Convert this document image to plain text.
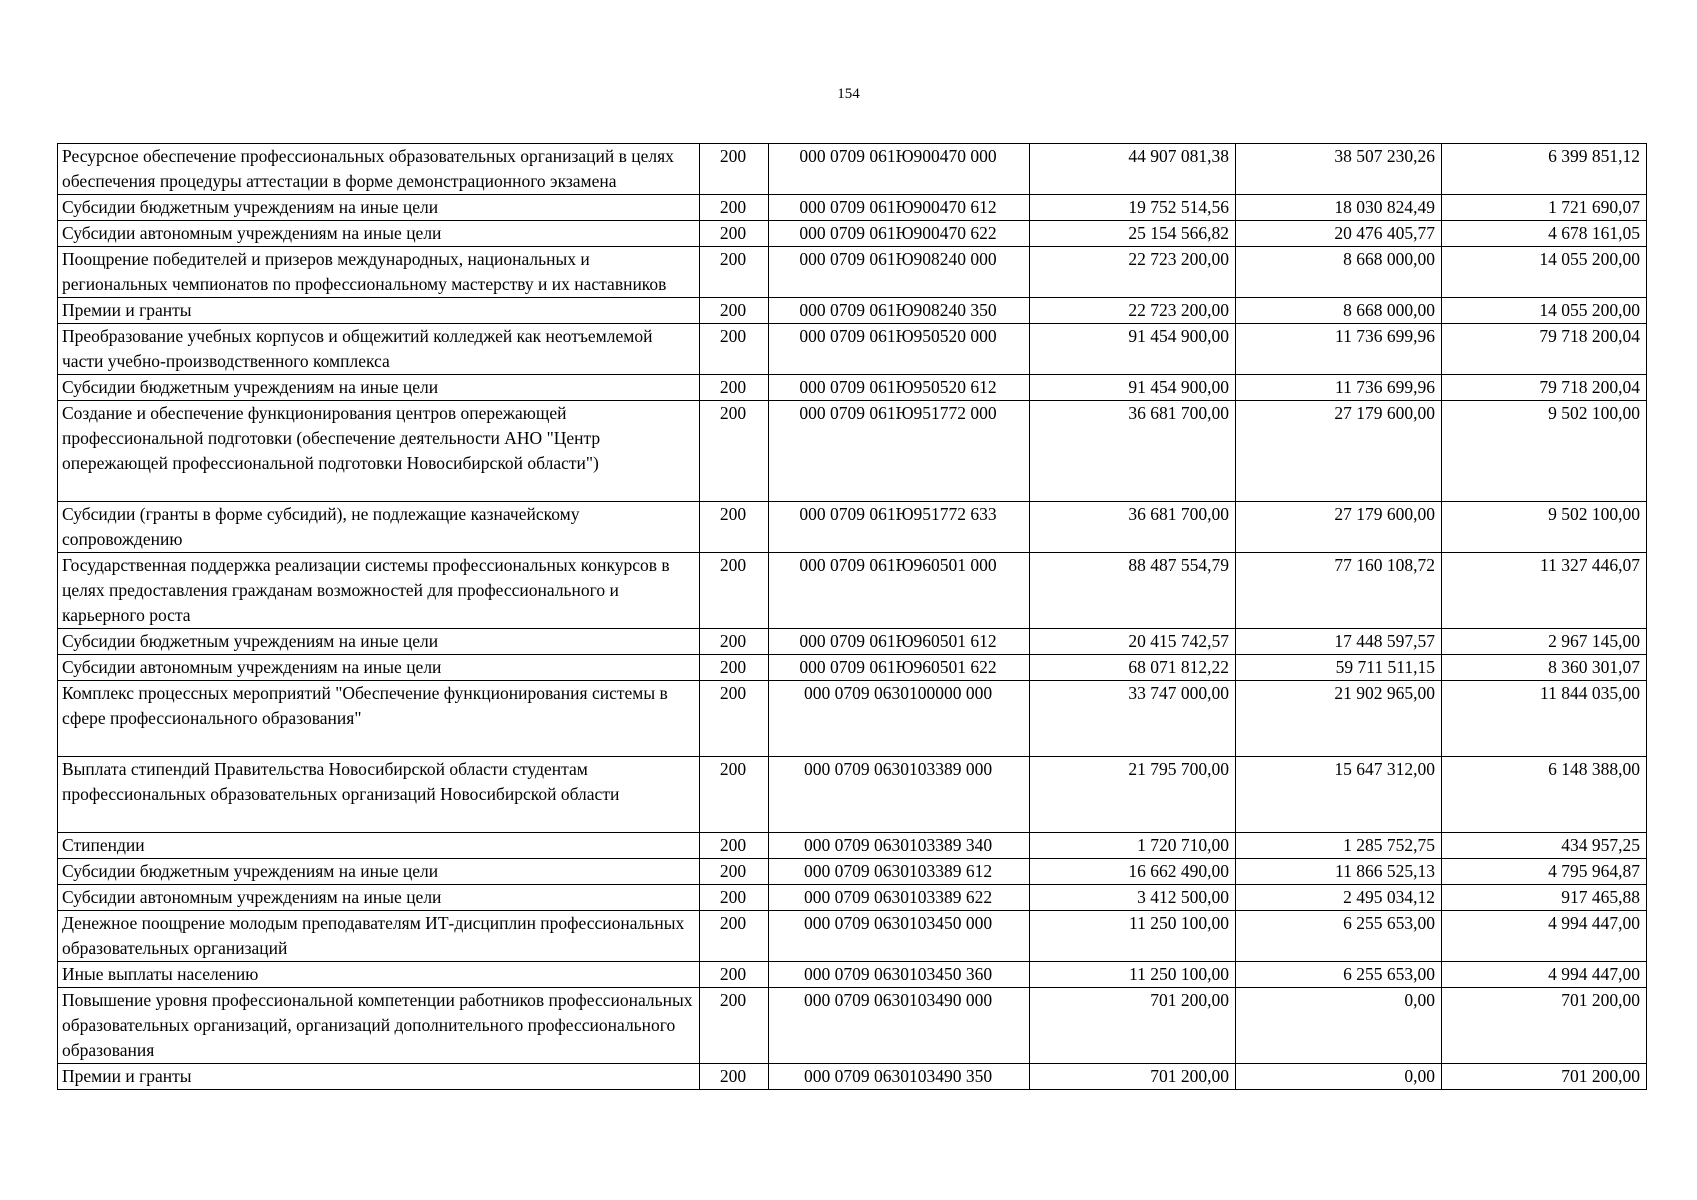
154
Ресурсное обеспечение профессиональных образовательных организаций в целях обеспечения процедуры аттестации в форме демонстрационного экзамена	200	000 0709 061Ю900470 000	44 907 081,38	38 507 230,26	6 399 851,12
Субсидии бюджетным учреждениям на иные цели	200	000 0709 061Ю900470 612	19 752 514,56	18 030 824,49	1 721 690,07
Субсидии автономным учреждениям на иные цели	200	000 0709 061Ю900470 622	25 154 566,82	20 476 405,77	4 678 161,05
Поощрение победителей и призеров международных, национальных и региональных чемпионатов по профессиональному мастерству и их наставников	200	000 0709 061Ю908240 000	22 723 200,00	8 668 000,00	14 055 200,00
Премии и гранты	200	000 0709 061Ю908240 350	22 723 200,00	8 668 000,00	14 055 200,00
Преобразование учебных корпусов и общежитий колледжей как неотъемлемой части учебно-производственного комплекса	200	000 0709 061Ю950520 000	91 454 900,00	11 736 699,96	79 718 200,04
Субсидии бюджетным учреждениям на иные цели	200	000 0709 061Ю950520 612	91 454 900,00	11 736 699,96	79 718 200,04
Создание и обеспечение функционирования центров опережающей профессиональной подготовки (обеспечение деятельности АНО "Центр опережающей профессиональной подготовки Новосибирской области")	200	000 0709 061Ю951772 000	36 681 700,00	27 179 600,00	9 502 100,00
Субсидии (гранты в форме субсидий), не подлежащие казначейскому сопровождению	200	000 0709 061Ю951772 633	36 681 700,00	27 179 600,00	9 502 100,00
Государственная поддержка реализации системы профессиональных конкурсов в целях предоставления гражданам возможностей для профессионального и карьерного роста	200	000 0709 061Ю960501 000	88 487 554,79	77 160 108,72	11 327 446,07
Субсидии бюджетным учреждениям на иные цели	200	000 0709 061Ю960501 612	20 415 742,57	17 448 597,57	2 967 145,00
Субсидии автономным учреждениям на иные цели	200	000 0709 061Ю960501 622	68 071 812,22	59 711 511,15	8 360 301,07
Комплекс процессных мероприятий "Обеспечение функционирования системы в сфере профессионального образования"	200	000 0709 0630100000 000	33 747 000,00	21 902 965,00	11 844 035,00
Выплата стипендий Правительства Новосибирской области студентам профессиональных образовательных организаций Новосибирской области	200	000 0709 0630103389 000	21 795 700,00	15 647 312,00	6 148 388,00
Стипендии	200	000 0709 0630103389 340	1 720 710,00	1 285 752,75	434 957,25
Субсидии бюджетным учреждениям на иные цели	200	000 0709 0630103389 612	16 662 490,00	11 866 525,13	4 795 964,87
Субсидии автономным учреждениям на иные цели	200	000 0709 0630103389 622	3 412 500,00	2 495 034,12	917 465,88
Денежное поощрение молодым преподавателям ИТ-дисциплин профессиональных образовательных организаций	200	000 0709 0630103450 000	11 250 100,00	6 255 653,00	4 994 447,00
Иные выплаты населению	200	000 0709 0630103450 360	11 250 100,00	6 255 653,00	4 994 447,00
Повышение уровня профессиональной компетенции работников профессиональных образовательных организаций, организаций дополнительного профессионального образования	200	000 0709 0630103490 000	701 200,00	0,00	701 200,00
Премии и гранты	200	000 0709 0630103490 350	701 200,00	0,00	701 200,00
